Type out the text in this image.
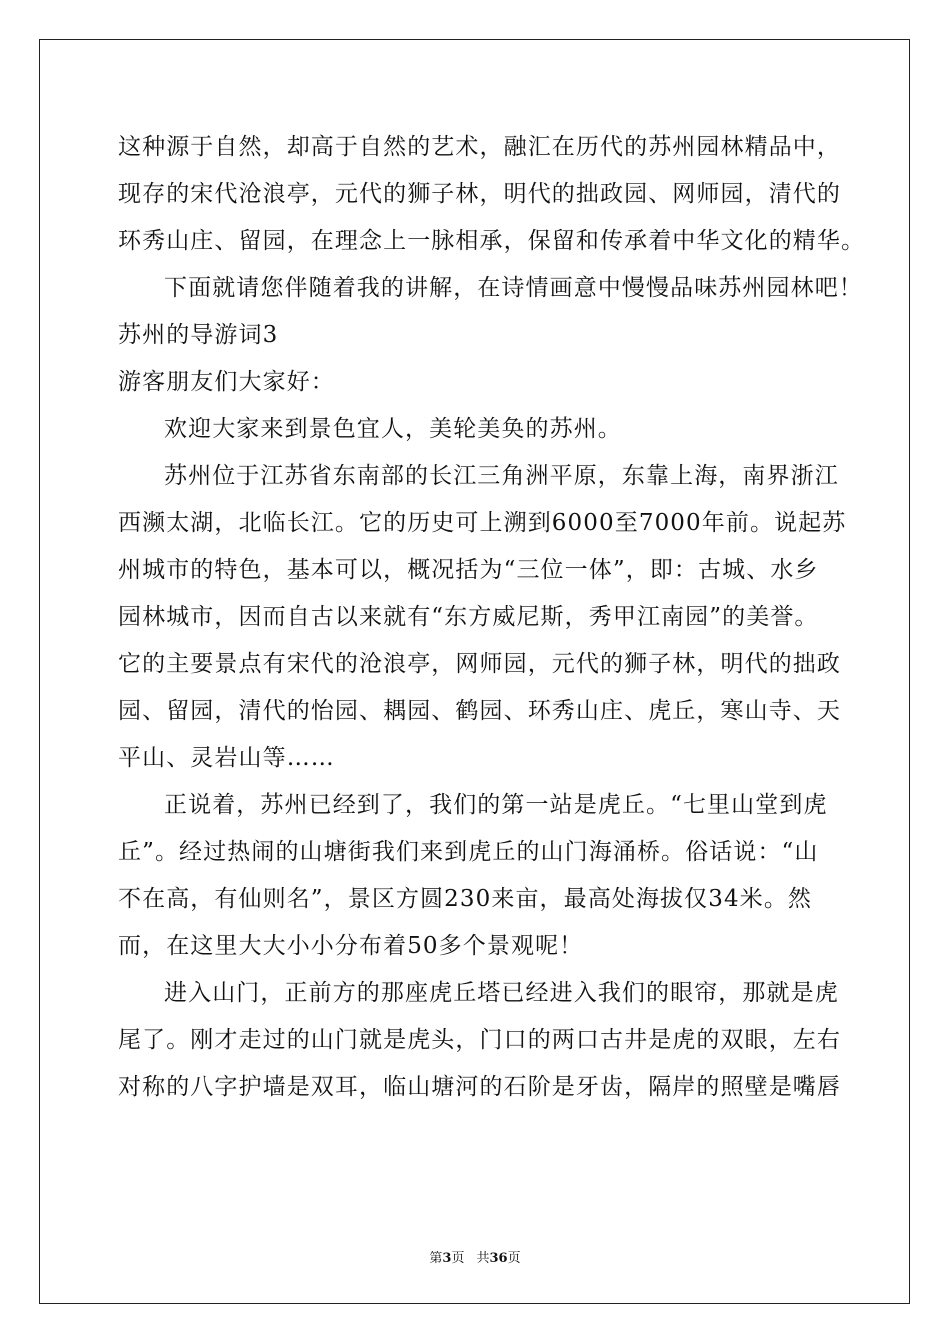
这种源于自然，却高于自然的艺术，融汇在历代的苏州园林精品中，
现存的宋代沧浪亭，元代的狮子林，明代的拙政园、网师园，清代的
环秀山庄、留园，在理念上一脉相承，保留和传承着中华文化的精华。
下面就请您伴随着我的讲解，在诗情画意中慢慢品味苏州园林吧！
苏州的导游词3
游客朋友们大家好：
欢迎大家来到景色宜人，美轮美奂的苏州。
苏州位于江苏省东南部的长江三角洲平原，东靠上海，南界浙江
西濒太湖，北临长江。它的历史可上溯到6000至7000年前。说起苏
州城市的特色，基本可以，概况括为“三位一体”，即：古城、水乡
园林城市，因而自古以来就有“东方威尼斯，秀甲江南园”的美誉。
它的主要景点有宋代的沧浪亭，网师园，元代的狮子林，明代的拙政
园、留园，清代的怡园、耦园、鹤园、环秀山庄、虎丘，寒山寺、天
平山、灵岩山等……
正说着，苏州已经到了，我们的第一站是虎丘。“七里山堂到虎
丘”。经过热闹的山塘街我们来到虎丘的山门海涌桥。俗话说：“山
不在高，有仙则名”，景区方圆230来亩，最高处海拔仅34米。然
而，在这里大大小小分布着50多个景观呢！
进入山门，正前方的那座虎丘塔已经进入我们的眼帘，那就是虎
尾了。刚才走过的山门就是虎头，门口的两口古井是虎的双眼，左右
对称的八字护墙是双耳，临山塘河的石阶是牙齿，隔岸的照壁是嘴唇
第3页 共36页
